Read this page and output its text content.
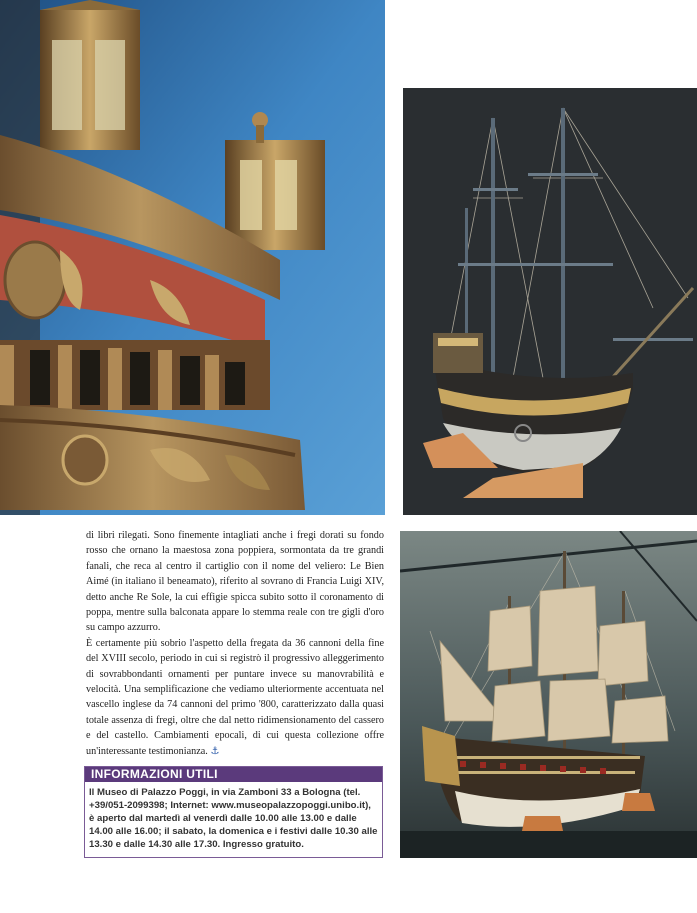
di libri rilegati. Sono finemente intagliati anche i fregi dorati su fondo rosso che ornano la maestosa zona poppiera, sormontata da tre grandi fanali, che reca al centro il cartiglio con il nome del veliero: Le Bien Aimé (in italiano il beneamato), riferito al sovrano di Francia Luigi XIV, detto anche Re Sole, la cui effigie spicca subito sotto il coronamento di poppa, mentre sulla balconata appare lo stemma reale con tre gigli d'oro su campo azzurro.

È certamente più sobrio l'aspetto della fregata da 36 cannoni della fine del XVIII secolo, periodo in cui si registrò il progressivo alleggerimento di sovrabbondanti ornamenti per puntare invece su manovrabilità e velocità. Una semplificazione che vediamo ulteriormente accentuata nel vascello inglese da 74 cannoni del primo '800, caratterizzato dalla quasi totale assenza di fregi, oltre che dal netto ridimensionamento del cassero e del castello. Cambiamenti epocali, di cui questa collezione offre un'interessante testimonianza. ⚓

INFORMAZIONI UTILI
Il Museo di Palazzo Poggi, in via Zamboni 33 a Bologna (tel. +39/051-2099398; Internet: www.museopalazzopoggi.unibo.it), è aperto dal martedì al venerdì dalle 10.00 alle 13.00 e dalle 14.00 alle 16.00; il sabato, la domenica e i festivi dalle 10.30 alle 13.30 e dalle 14.30 alle 17.30. Ingresso gratuito.
